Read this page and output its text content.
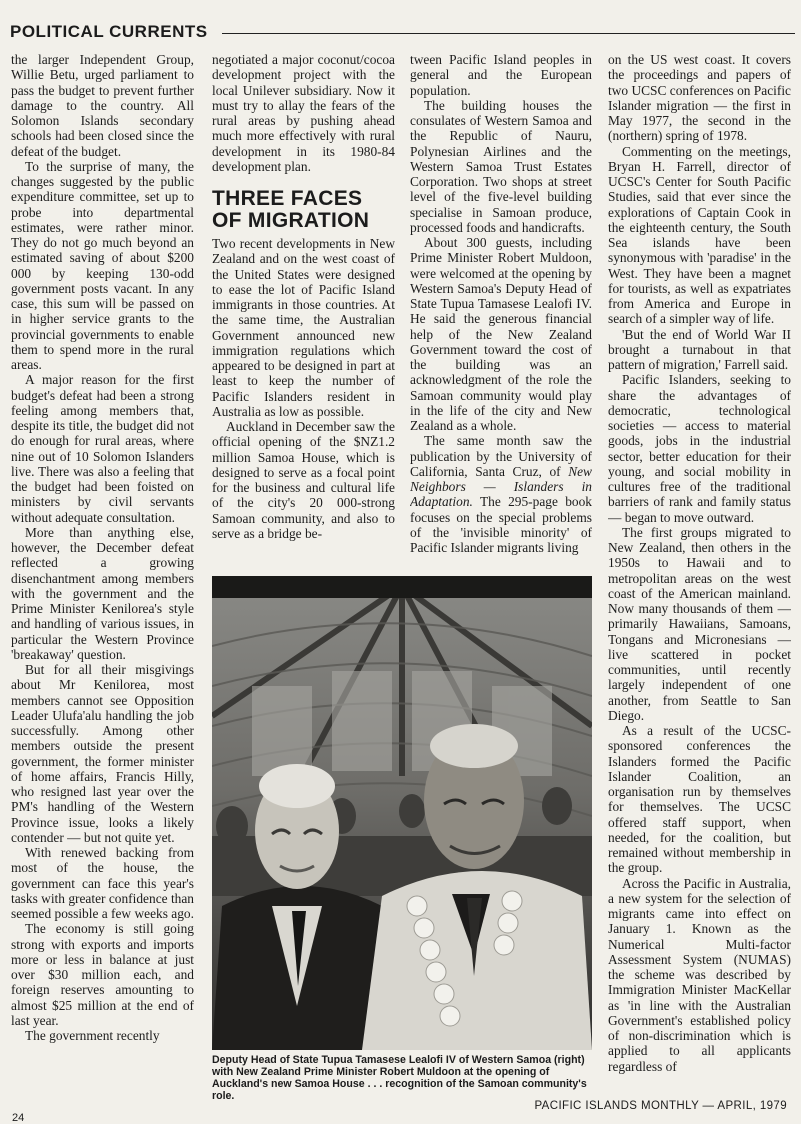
POLITICAL CURRENTS

the larger Independent Group, Willie Betu, urged parliament to pass the budget to prevent further damage to the country. All Solomon Islands secondary schools had been closed since the defeat of the budget.

To the surprise of many, the changes suggested by the public expenditure committee, set up to probe into departmental estimates, were rather minor. They do not go much beyond an estimated saving of about $200 000 by keeping 130-odd government posts vacant. In any case, this sum will be passed on in higher service grants to the provincial governments to enable them to spend more in the rural areas.

A major reason for the first budget's defeat had been a strong feeling among members that, despite its title, the budget did not do enough for rural areas, where nine out of 10 Solomon Islanders live. There was also a feeling that the budget had been foisted on ministers by civil servants without adequate consultation.

More than anything else, however, the December defeat reflected a growing disenchantment among members with the government and the Prime Minister Kenilorea's style and handling of various issues, in particular the Western Province 'breakaway' question.

But for all their misgivings about Mr Kenilorea, most members cannot see Opposition Leader Ulufa'alu handling the job successfully. Among other members outside the present government, the former minister of home affairs, Francis Hilly, who resigned last year over the PM's handling of the Western Province issue, looks a likely contender — but not quite yet.

With renewed backing from most of the house, the government can face this year's tasks with greater confidence than seemed possible a few weeks ago.

The economy is still going strong with exports and imports more or less in balance at just over $30 million each, and foreign reserves amounting to almost $25 million at the end of last year.

The government recently

negotiated a major coconut/cocoa development project with the local Unilever subsidiary. Now it must try to allay the fears of the rural areas by pushing ahead much more effectively with rural development in its 1980-84 development plan.

THREE FACES
OF MIGRATION

Two recent developments in New Zealand and on the west coast of the United States were designed to ease the lot of Pacific Island immigrants in those countries. At the same time, the Australian Government announced new immigration regulations which appeared to be designed in part at least to keep the number of Pacific Islanders resident in Australia as low as possible.

Auckland in December saw the official opening of the $NZ1.2 million Samoa House, which is designed to serve as a focal point for the business and cultural life of the city's 20 000-strong Samoan community, and also to serve as a bridge be-

tween Pacific Island peoples in general and the European population.

The building houses the consulates of Western Samoa and the Republic of Nauru, Polynesian Airlines and the Western Samoa Trust Estates Corporation. Two shops at street level of the five-level building specialise in Samoan produce, processed foods and handicrafts.

About 300 guests, including Prime Minister Robert Muldoon, were welcomed at the opening by Western Samoa's Deputy Head of State Tupua Tamasese Lealofi IV. He said the generous financial help of the New Zealand Government toward the cost of the building was an acknowledgment of the role the Samoan community would play in the life of the city and New Zealand as a whole.

The same month saw the publication by the University of California, Santa Cruz, of New Neighbors — Islanders in Adaptation. The 295-page book focuses on the special problems of the 'invisible minority' of Pacific Islander migrants living

Deputy Head of State Tupua Tamasese Lealofi IV of Western Samoa (right) with New Zealand Prime Minister Robert Muldoon at the opening of Auckland's new Samoa House . . . recognition of the Samoan community's role.

on the US west coast. It covers the proceedings and papers of two UCSC conferences on Pacific Islander migration — the first in May 1977, the second in the (northern) spring of 1978.

Commenting on the meetings, Bryan H. Farrell, director of UCSC's Center for South Pacific Studies, said that ever since the explorations of Captain Cook in the eighteenth century, the South Sea islands have been synonymous with 'paradise' in the West. They have been a magnet for tourists, as well as expatriates from America and Europe in search of a simpler way of life.

'But the end of World War II brought a turnabout in that pattern of migration,' Farrell said.

Pacific Islanders, seeking to share the advantages of democratic, technological societies — access to material goods, jobs in the industrial sector, better education for their young, and social mobility in cultures free of the traditional barriers of rank and family status — began to move outward.

The first groups migrated to New Zealand, then others in the 1950s to Hawaii and to metropolitan areas on the west coast of the American mainland. Now many thousands of them — primarily Hawaiians, Samoans, Tongans and Micronesians — live scattered in pocket communities, until recently largely independent of one another, from Seattle to San Diego.

As a result of the UCSC-sponsored conferences the Islanders formed the Pacific Islander Coalition, an organisation run by themselves for themselves. The UCSC offered staff support, when needed, for the coalition, but remained without membership in the group.

Across the Pacific in Australia, a new system for the selection of migrants came into effect on January 1. Known as the Numerical Multi-factor Assessment System (NUMAS) the scheme was described by Immigration Minister MacKellar as 'in line with the Australian Government's established policy of non-discrimination which is applied to all applicants regardless of

24
PACIFIC ISLANDS MONTHLY — APRIL, 1979
